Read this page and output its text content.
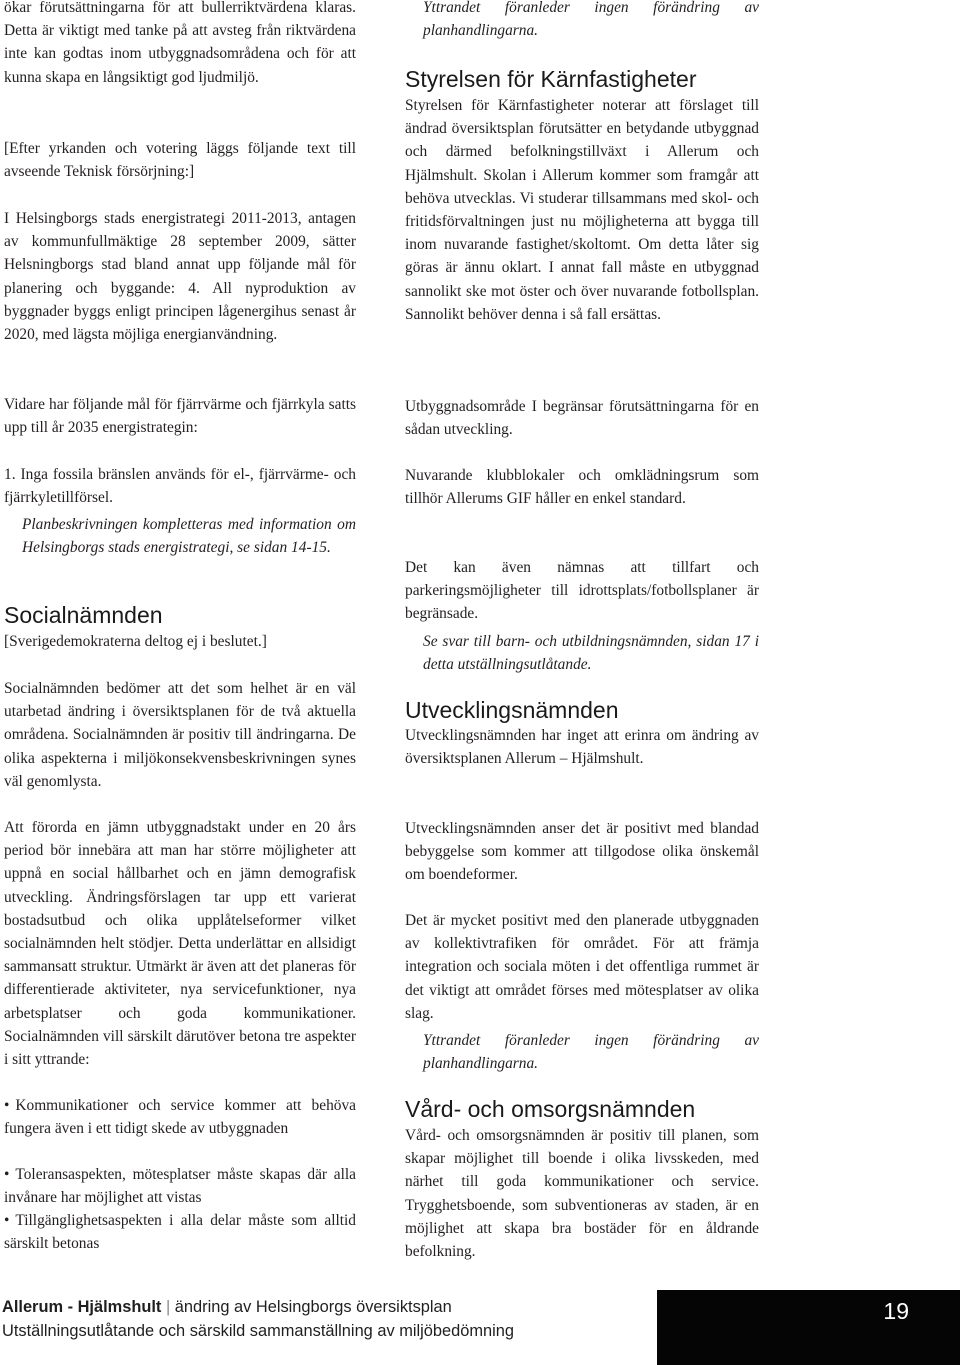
ökar förutsättningarna för att bullerriktvärdena klaras. Detta är viktigt med tanke på att avsteg från riktvärdena inte kan godtas inom utbyggnadsområdena och för att kunna skapa en långsiktigt god ljudmiljö.

[Efter yrkanden och votering läggs följande text till avseende Teknisk försörjning:]

I Helsingborgs stads energistrategi 2011-2013, antagen av kommunfullmäktige 28 september 2009, sätter Helsningborgs stad bland annat upp följande mål för planering och byggande: 4. All nyproduktion av byggnader byggs enligt principen lågenergihus senast år 2020, med lägsta möjliga energianvändning.

Vidare har följande mål för fjärrvärme och fjärrkyla satts upp till år 2035 energistrategin:

1. Inga fossila bränslen används för el-, fjärrvärme- och fjärrkyletillförsel.

Planbeskrivningen kompletteras med information om Helsingborgs stads energistrategi, se sidan 14-15.

Socialnämnden

[Sverigedemokraterna deltog ej i beslutet.]

Socialnämnden bedömer att det som helhet är en väl utarbetad ändring i översiktsplanen för de två aktuella områdena. Socialnämnden är positiv till ändringarna. De olika aspekterna i miljökonsekvensbeskrivningen synes väl genomlysta.

Att förorda en jämn utbyggnadstakt under en 20 års period bör innebära att man har större möjligheter att uppnå en social hållbarhet och en jämn demografisk utveckling. Ändringsförslagen tar upp ett varierat bostadsutbud och olika upplåtelseformer vilket socialnämnden helt stödjer. Detta underlättar en allsidigt sammansatt struktur. Utmärkt är även att det planeras för differentierade aktiviteter, nya servicefunktioner, nya arbetsplatser och goda kommunikationer. Socialnämnden vill särskilt därutöver betona tre aspekter i sitt yttrande:

• Kommunikationer och service kommer att behöva fungera även i ett tidigt skede av utbyggnaden

• Toleransaspekten, mötesplatser måste skapas där alla invånare har möjlighet att vistas

• Tillgänglighetsaspekten i alla delar måste som alltid särskilt betonas

Yttrandet föranleder ingen förändring av planhandlingarna.

Styrelsen för Kärnfastigheter

Styrelsen för Kärnfastigheter noterar att förslaget till ändrad översiktsplan förutsätter en betydande utbyggnad och därmed befolkningstillväxt i Allerum och Hjälmshult. Skolan i Allerum kommer som framgår att behöva utvecklas. Vi studerar tillsammans med skol- och fritidsförvaltningen just nu möjligheterna att bygga till inom nuvarande fastighet/skoltomt. Om detta låter sig göras är ännu oklart. I annat fall måste en utbyggnad sannolikt ske mot öster och över nuvarande fotbollsplan. Sannolikt behöver denna i så fall ersättas.

Utbyggnadsområde I begränsar förutsättningarna för en sådan utveckling.

Nuvarande klubblokaler och omklädningsrum som tillhör Allerums GIF håller en enkel standard.

Det kan även nämnas att tillfart och parkeringsmöjligheter till idrottsplats/fotbollsplaner är begränsade.

Se svar till barn- och utbildningsnämnden, sidan 17 i detta utställningsutlåtande.

Utvecklingsnämnden

Utvecklingsnämnden har inget att erinra om ändring av översiktsplanen Allerum – Hjälmshult.

Utvecklingsnämnden anser det är positivt med blandad bebyggelse som kommer att tillgodose olika önskemål om boendeformer.

Det är mycket positivt med den planerade utbyggnaden av kollektivtrafiken för området. För att främja integration och sociala möten i det offentliga rummet är det viktigt att området förses med mötesplatser av olika slag.

Yttrandet föranleder ingen förändring av planhandlingarna.

Vård- och omsorgsnämnden

Vård- och omsorgsnämnden är positiv till planen, som skapar möjlighet till boende i olika livsskeden, med närhet till goda kommunikationer och service. Trygghetsboende, som subventioneras av staden, är en möjlighet att skapa bra bostäder för en åldrande befolkning.

Allerum - Hjälmshult | ändring av Helsingborgs översiktsplan
Utställningsutlåtande och särskild sammanställning av miljöbedömning
19
